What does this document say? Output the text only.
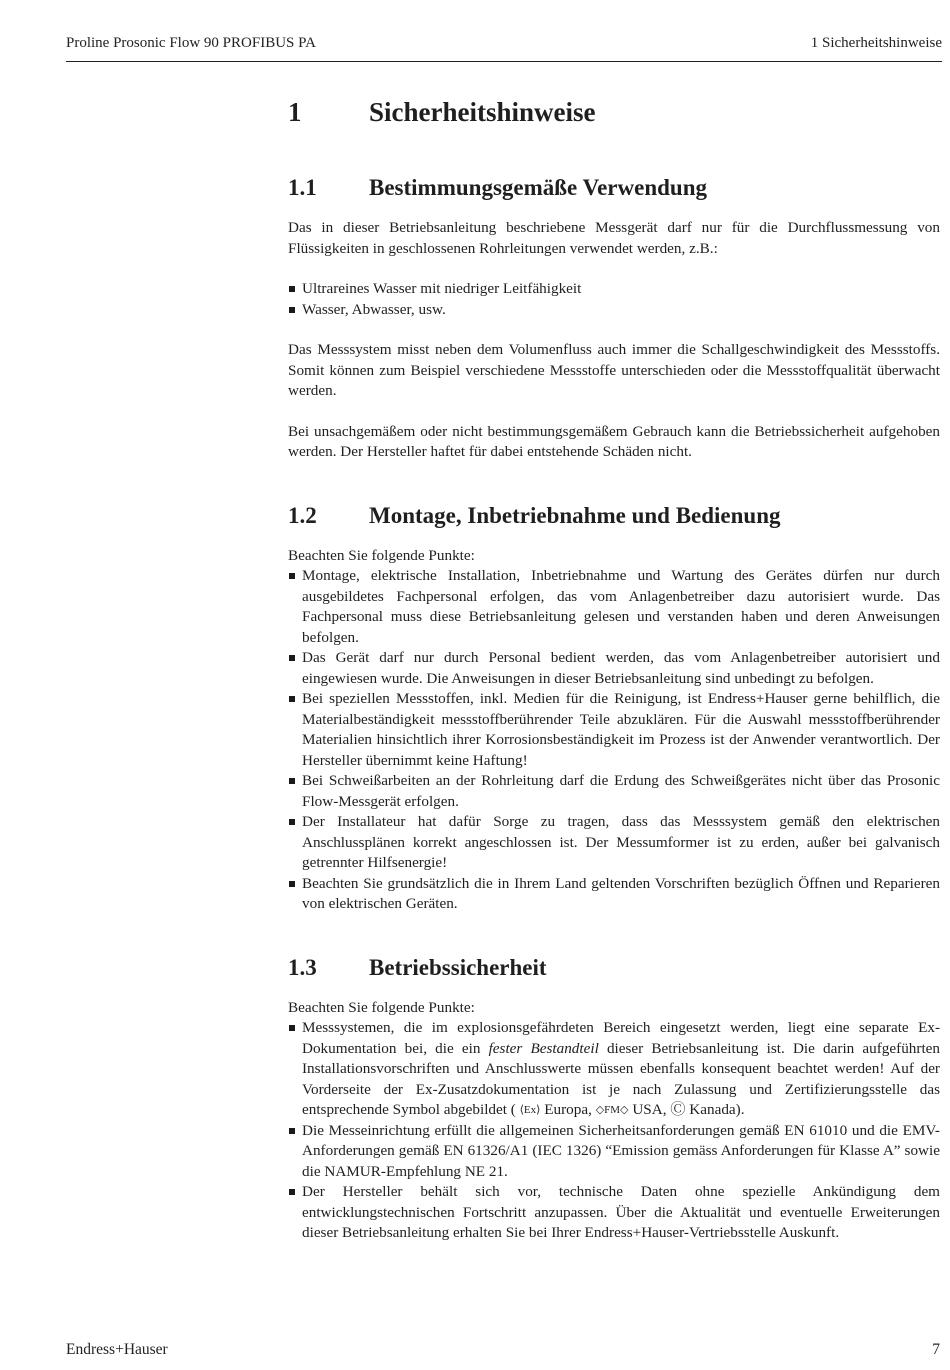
Proline Prosonic Flow 90 PROFIBUS PA	1 Sicherheitshinweise
1	Sicherheitshinweise
1.1 Bestimmungsgemäße Verwendung

Das in dieser Betriebsanleitung beschriebene Messgerät darf nur für die Durchflussmessung von Flüssigkeiten in geschlossenen Rohrleitungen verwendet werden, z.B.:

Ultrareines Wasser mit niedriger Leitfähigkeit
Wasser, Abwasser, usw.

Das Messsystem misst neben dem Volumenfluss auch immer die Schallgeschwindigkeit des Messstoffs. Somit können zum Beispiel verschiedene Messstoffe unterschieden oder die Messstoffqualität überwacht werden.

Bei unsachgemäßem oder nicht bestimmungsgemäßem Gebrauch kann die Betriebssicherheit aufgehoben werden. Der Hersteller haftet für dabei entstehende Schäden nicht.

1.2 Montage, Inbetriebnahme und Bedienung

Beachten Sie folgende Punkte:

Montage, elektrische Installation, Inbetriebnahme und Wartung des Gerätes dürfen nur durch ausgebildetes Fachpersonal erfolgen, das vom Anlagenbetreiber dazu autorisiert wurde. Das Fachpersonal muss diese Betriebsanleitung gelesen und verstanden haben und deren Anweisungen befolgen.
Das Gerät darf nur durch Personal bedient werden, das vom Anlagenbetreiber autorisiert und eingewiesen wurde. Die Anweisungen in dieser Betriebsanleitung sind unbedingt zu befolgen.
Bei speziellen Messstoffen, inkl. Medien für die Reinigung, ist Endress+Hauser gerne behilflich, die Materialbeständigkeit messstoffberührender Teile abzuklären. Für die Auswahl messstoffberührender Materialien hinsichtlich ihrer Korrosionsbeständigkeit im Prozess ist der Anwender verantwortlich. Der Hersteller übernimmt keine Haftung!
Bei Schweißarbeiten an der Rohrleitung darf die Erdung des Schweißgerätes nicht über das Prosonic Flow-Messgerät erfolgen.
Der Installateur hat dafür Sorge zu tragen, dass das Messsystem gemäß den elektrischen Anschlussplänen korrekt angeschlossen ist. Der Messumformer ist zu erden, außer bei galvanisch getrennter Hilfsenergie!
Beachten Sie grundsätzlich die in Ihrem Land geltenden Vorschriften bezüglich Öffnen und Reparieren von elektrischen Geräten.
1.3 Betriebssicherheit

Beachten Sie folgende Punkte:

Messsystemen, die im explosionsgefährdeten Bereich eingesetzt werden, liegt eine separate Ex-Dokumentation bei, die ein fester Bestandteil dieser Betriebsanleitung ist. Die darin aufgeführten Installationsvorschriften und Anschlusswerte müssen ebenfalls konsequent beachtet werden! Auf der Vorderseite der Ex-Zusatzdokumentation ist je nach Zulassung und Zertifizierungsstelle das entsprechende Symbol abgebildet ( ⟨Ex⟩ Europa, ◇FM◇ USA, Ⓒ Kanada).
Die Messeinrichtung erfüllt die allgemeinen Sicherheitsanforderungen gemäß EN 61010 und die EMV-Anforderungen gemäß EN 61326/A1 (IEC 1326) “Emission gemäss Anforderungen für Klasse A” sowie die NAMUR-Empfehlung NE 21.
Der Hersteller behält sich vor, technische Daten ohne spezielle Ankündigung dem entwicklungstechnischen Fortschritt anzupassen. Über die Aktualität und eventuelle Erweiterungen dieser Betriebsanleitung erhalten Sie bei Ihrer Endress+Hauser-Vertriebsstelle Auskunft.
Endress+Hauser	7
